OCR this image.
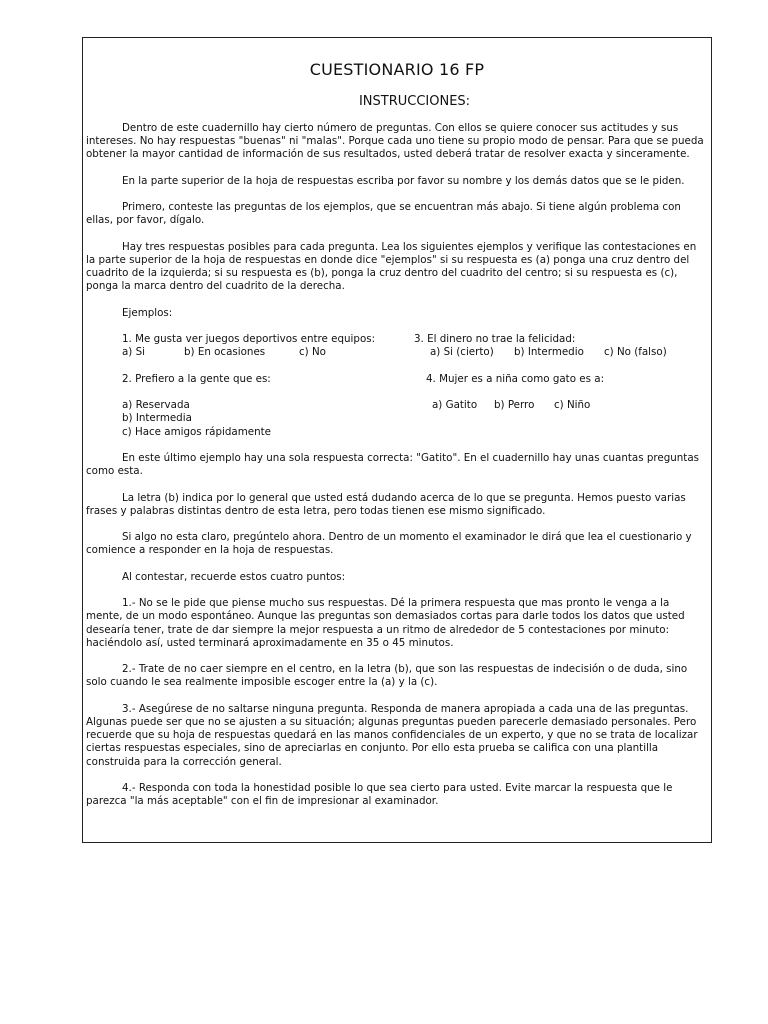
CUESTIONARIO 16 FP
INSTRUCCIONES:

Dentro de este cuadernillo hay cierto número de preguntas. Con ellos se quiere conocer sus actitudes y sus intereses. No hay respuestas "buenas" ni "malas". Porque cada uno tiene su propio modo de pensar. Para que se pueda obtener la mayor cantidad de información de sus resultados, usted deberá tratar de resolver exacta y sinceramente.

En la parte superior de la hoja de respuestas escriba por favor su nombre y los demás datos que se le piden.

Primero, conteste las preguntas de los ejemplos, que se encuentran más abajo. Si tiene algún problema con ellas, por favor, dígalo.

Hay tres respuestas posibles para cada pregunta. Lea los siguientes ejemplos y verifique las contestaciones en la parte superior de la hoja de respuestas en donde dice "ejemplos" si su respuesta es (a) ponga una cruz dentro del cuadrito de la izquierda; si su respuesta es (b), ponga la cruz dentro del cuadrito del centro; si su respuesta es (c), ponga la marca dentro del cuadrito de la derecha.

Ejemplos:

1. Me gusta ver juegos deportivos entre equipos:
a) Si	b) En ocasiones	c) No
3. El dinero no trae la felicidad:
a) Si (cierto) b) Intermedio c) No (falso)
2. Prefiero a la gente que es:
a) Reservada
b) Intermedia
c) Hace amigos rápidamente
4. Mujer es a niña como gato es a:
a) Gatito b) Perro c) Niño

En este último ejemplo hay una sola respuesta correcta: "Gatito". En el cuadernillo hay unas cuantas preguntas como esta.

La letra (b) indica por lo general que usted está dudando acerca de lo que se pregunta. Hemos puesto varias frases y palabras distintas dentro de esta letra, pero todas tienen ese mismo significado.

Si algo no esta claro, pregúntelo ahora. Dentro de un momento el examinador le dirá que lea el cuestionario y comience a responder en la hoja de respuestas.

Al contestar, recuerde estos cuatro puntos:

1.- No se le pide que piense mucho sus respuestas. Dé la primera respuesta que mas pronto le venga a la mente, de un modo espontáneo. Aunque las preguntas son demasiados cortas para darle todos los datos que usted desearía tener, trate de dar siempre la mejor respuesta a un ritmo de alrededor de 5 contestaciones por minuto: haciéndolo así, usted terminará aproximadamente en 35 o 45 minutos.

2.- Trate de no caer siempre en el centro, en la letra (b), que son las respuestas de indecisión o de duda, sino solo cuando le sea realmente imposible escoger entre la (a) y la (c).

3.- Asegúrese de no saltarse ninguna pregunta. Responda de manera apropiada a cada una de las preguntas. Algunas puede ser que no se ajusten a su situación; algunas preguntas pueden parecerle demasiado personales. Pero recuerde que su hoja de respuestas quedará en las manos confidenciales de un experto, y que no se trata de localizar ciertas respuestas especiales, sino de apreciarlas en conjunto. Por ello esta prueba se califica con una plantilla construida para la corrección general.

4.- Responda con toda la honestidad posible lo que sea cierto para usted. Evite marcar la respuesta que le parezca "la más aceptable" con el fin de impresionar al examinador.
